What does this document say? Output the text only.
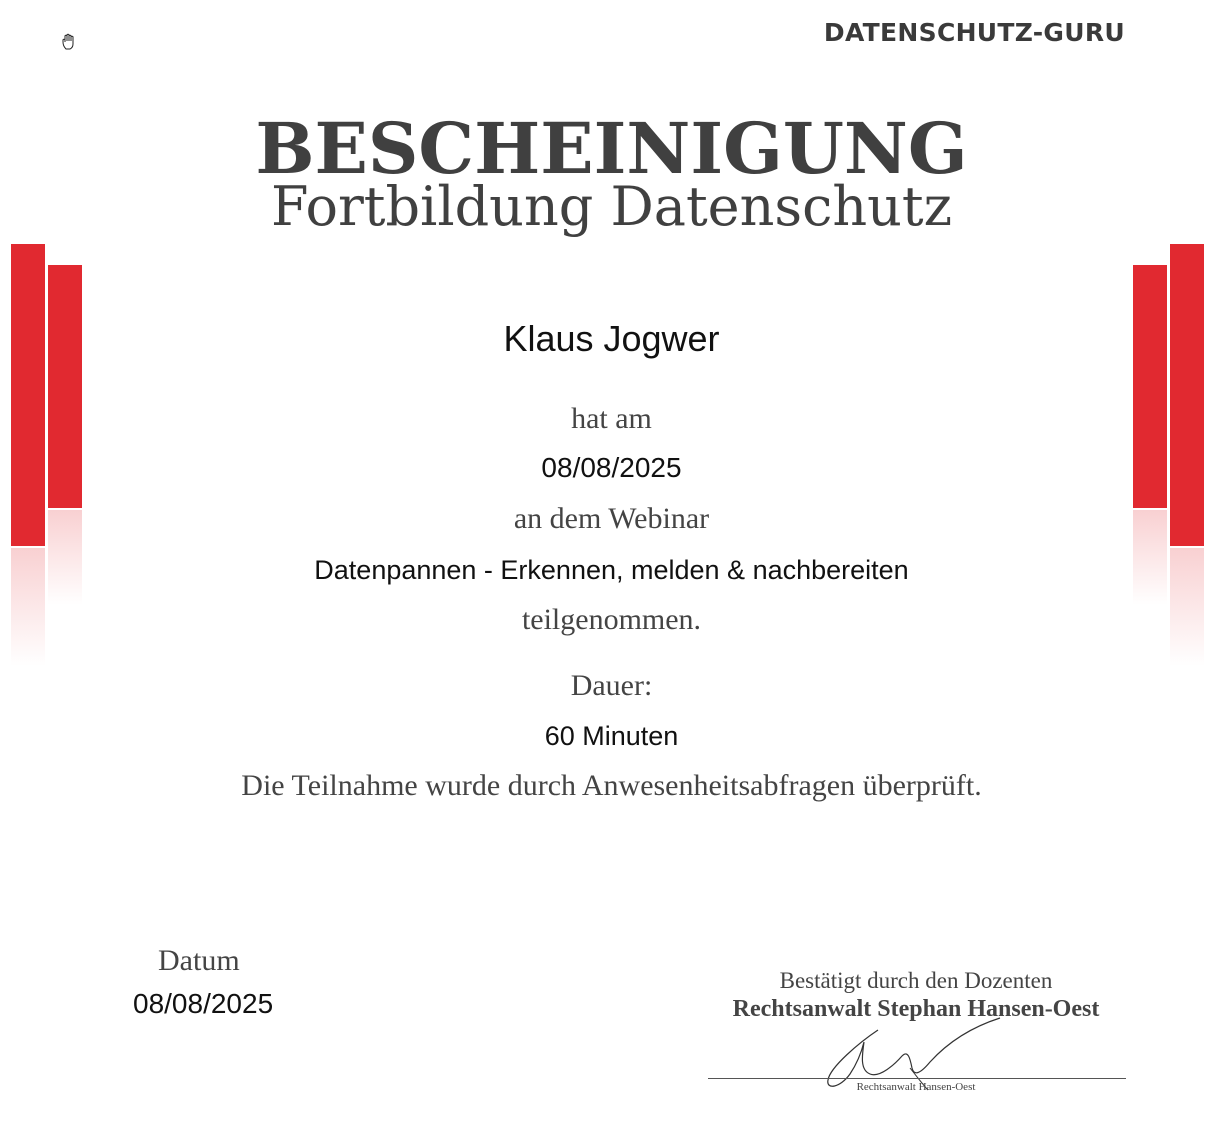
DATENSCHUTZ-GURU
BESCHEINIGUNG
Fortbildung Datenschutz
Klaus Jogwer
hat am
08/08/2025
an dem Webinar
Datenpannen - Erkennen, melden & nachbereiten
teilgenommen.
Dauer:
60 Minuten
Die Teilnahme wurde durch Anwesenheitsabfragen überprüft.
Datum
08/08/2025
Bestätigt durch den Dozenten
Rechtsanwalt Stephan Hansen-Oest
Rechtsanwalt Hansen-Oest
